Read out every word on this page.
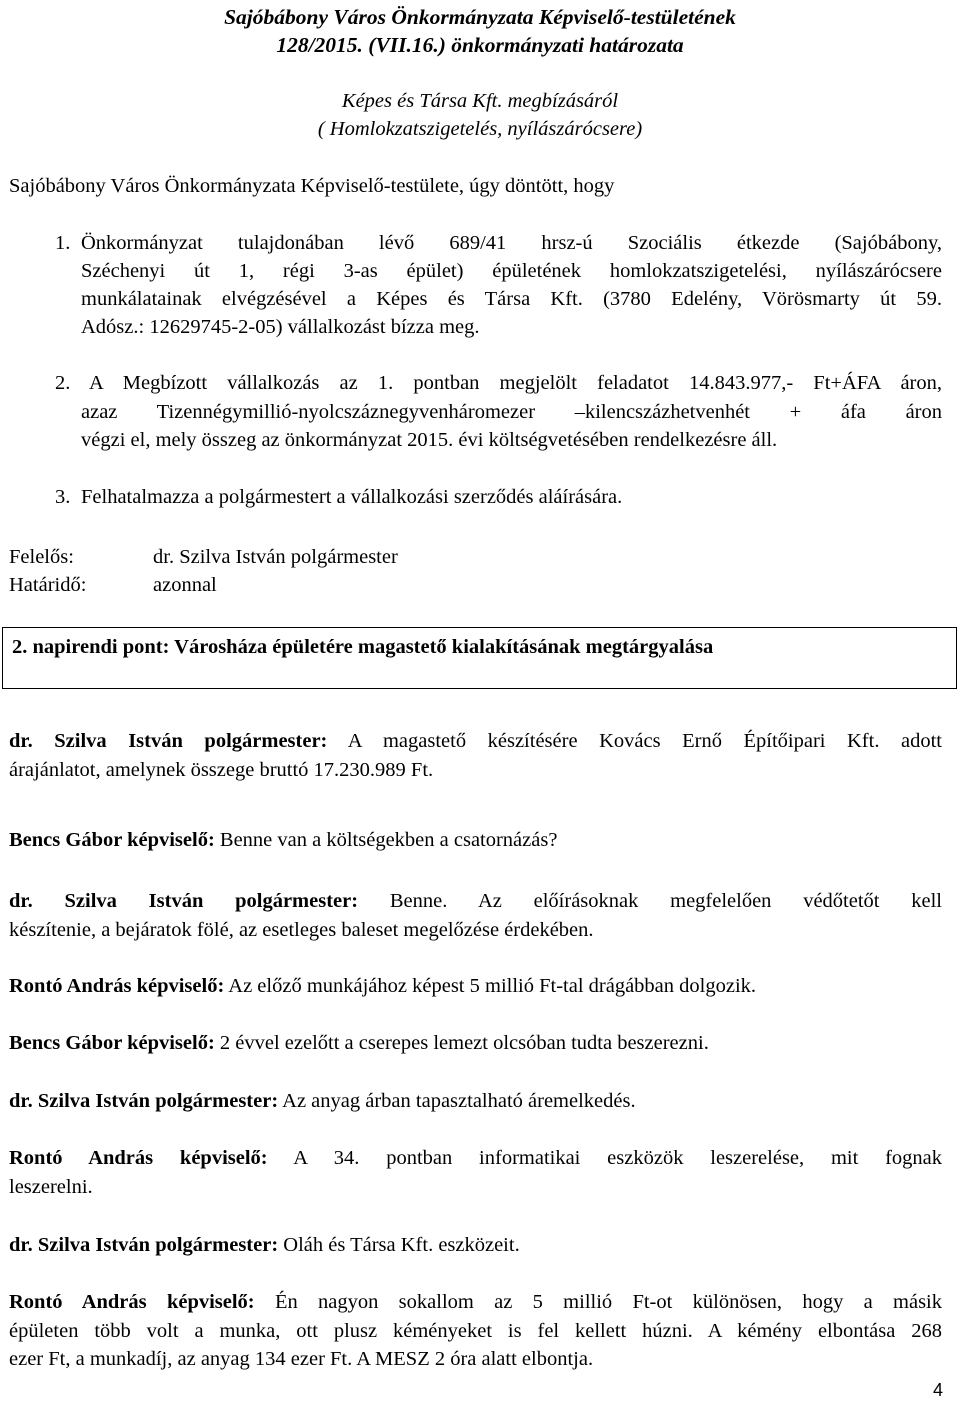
Sajóbábony Város Önkormányzata Képviselő-testületének
128/2015. (VII.16.) önkormányzati határozata
Képes és Társa Kft. megbízásáról
( Homlokzatszigetelés, nyílászárócsere)
Sajóbábony Város Önkormányzata Képviselő-testülete, úgy döntött, hogy
1. Önkormányzat tulajdonában lévő 689/41 hrsz-ú Szociális étkezde (Sajóbábony,
Széchenyi út 1, régi 3-as épület) épületének homlokzatszigetelési, nyílászárócsere
munkálatainak elvégzésével a Képes és Társa Kft. (3780 Edelény, Vörösmarty út 59.
Adósz.: 12629745-2-05) vállalkozást bízza meg.
2. A Megbízott vállalkozás az 1. pontban megjelölt feladatot 14.843.977,- Ft+ÁFA áron,
azaz Tizennégymillió-nyolcszáznegyvenháromezer –kilencszázhetvenhét + áfa áron
végzi el, mely összeg az önkormányzat 2015. évi költségvetésében rendelkezésre áll.
3. Felhatalmazza a polgármestert a vállalkozási szerződés aláírására.
Felelős:	dr. Szilva István polgármester
Határidő:	azonnal
2. napirendi pont: Városháza épületére magastető kialakításának megtárgyalása
dr. Szilva István polgármester: A magastető készítésére Kovács Ernő Építőipari Kft. adott
árajánlatot, amelynek összege bruttó 17.230.989 Ft.
Bencs Gábor képviselő: Benne van a költségekben a csatornázás?
dr. Szilva István polgármester: Benne. Az előírásoknak megfelelően védőtetőt kell
készítenie, a bejáratok fölé, az esetleges baleset megelőzése érdekében.
Rontó András képviselő: Az előző munkájához képest 5 millió Ft-tal drágábban dolgozik.
Bencs Gábor képviselő: 2 évvel ezelőtt a cserepes lemezt olcsóban tudta beszerezni.
dr. Szilva István polgármester: Az anyag árban tapasztalható áremelkedés.
Rontó András képviselő: A 34. pontban informatikai eszközök leszerelése, mit fognak
leszerelni.
dr. Szilva István polgármester: Oláh és Társa Kft. eszközeit.
Rontó András képviselő: Én nagyon sokallom az 5 millió Ft-ot különösen, hogy a másik
épületen több volt a munka, ott plusz kéményeket is fel kellett húzni. A kémény elbontása 268
ezer Ft, a munkadíj, az anyag 134 ezer Ft. A MESZ 2 óra alatt elbontja.
4
